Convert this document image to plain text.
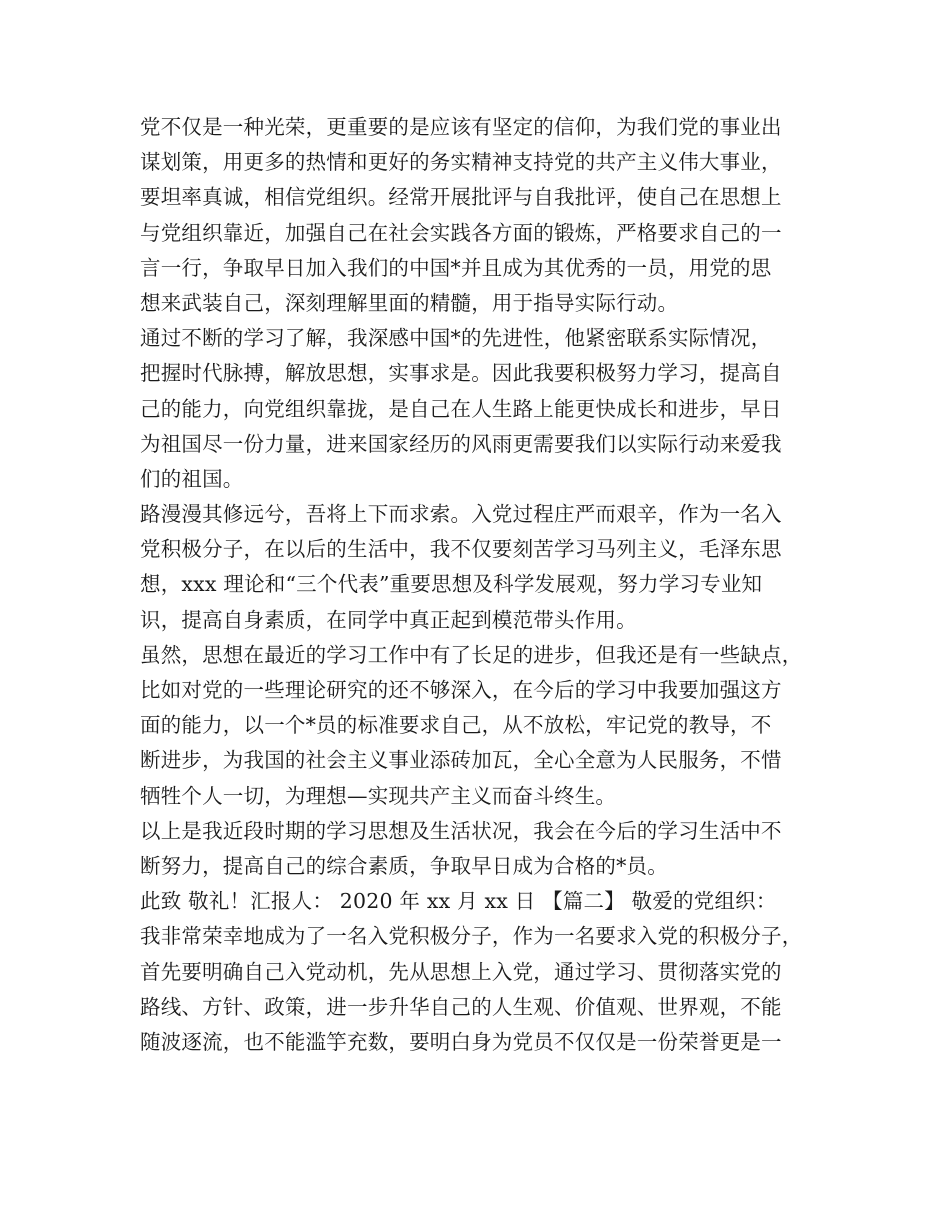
党不仅是一种光荣，更重要的是应该有坚定的信仰，为我们党的事业出
谋划策，用更多的热情和更好的务实精神支持党的共产主义伟大事业，
要坦率真诚，相信党组织。经常开展批评与自我批评，使自己在思想上
与党组织靠近，加强自己在社会实践各方面的锻炼，严格要求自己的一
言一行，争取早日加入我们的中国*并且成为其优秀的一员，用党的思
想来武装自己，深刻理解里面的精髓，用于指导实际行动。
通过不断的学习了解，我深感中国*的先进性，他紧密联系实际情况，
把握时代脉搏，解放思想，实事求是。因此我要积极努力学习，提高自
己的能力，向党组织靠拢，是自己在人生路上能更快成长和进步，早日
为祖国尽一份力量，进来国家经历的风雨更需要我们以实际行动来爱我
们的祖国。
路漫漫其修远兮，吾将上下而求索。入党过程庄严而艰辛，作为一名入
党积极分子，在以后的生活中，我不仅要刻苦学习马列主义，毛泽东思
想，xxx 理论和“三个代表”重要思想及科学发展观，努力学习专业知
识，提高自身素质，在同学中真正起到模范带头作用。
虽然，思想在最近的学习工作中有了长足的进步，但我还是有一些缺点，
比如对党的一些理论研究的还不够深入，在今后的学习中我要加强这方
面的能力，以一个*员的标准要求自己，从不放松，牢记党的教导，不
断进步，为我国的社会主义事业添砖加瓦，全心全意为人民服务，不惜
牺牲个人一切，为理想—实现共产主义而奋斗终生。
以上是我近段时期的学习思想及生活状况，我会在今后的学习生活中不
断努力，提高自己的综合素质，争取早日成为合格的*员。
此致 敬礼！汇报人： 2020 年 xx 月 xx 日 【篇二】 敬爱的党组织：
我非常荣幸地成为了一名入党积极分子，作为一名要求入党的积极分子，
首先要明确自己入党动机，先从思想上入党，通过学习、贯彻落实党的
路线、方针、政策，进一步升华自己的人生观、价值观、世界观，不能
随波逐流，也不能滥竽充数，要明白身为党员不仅仅是一份荣誉更是一
